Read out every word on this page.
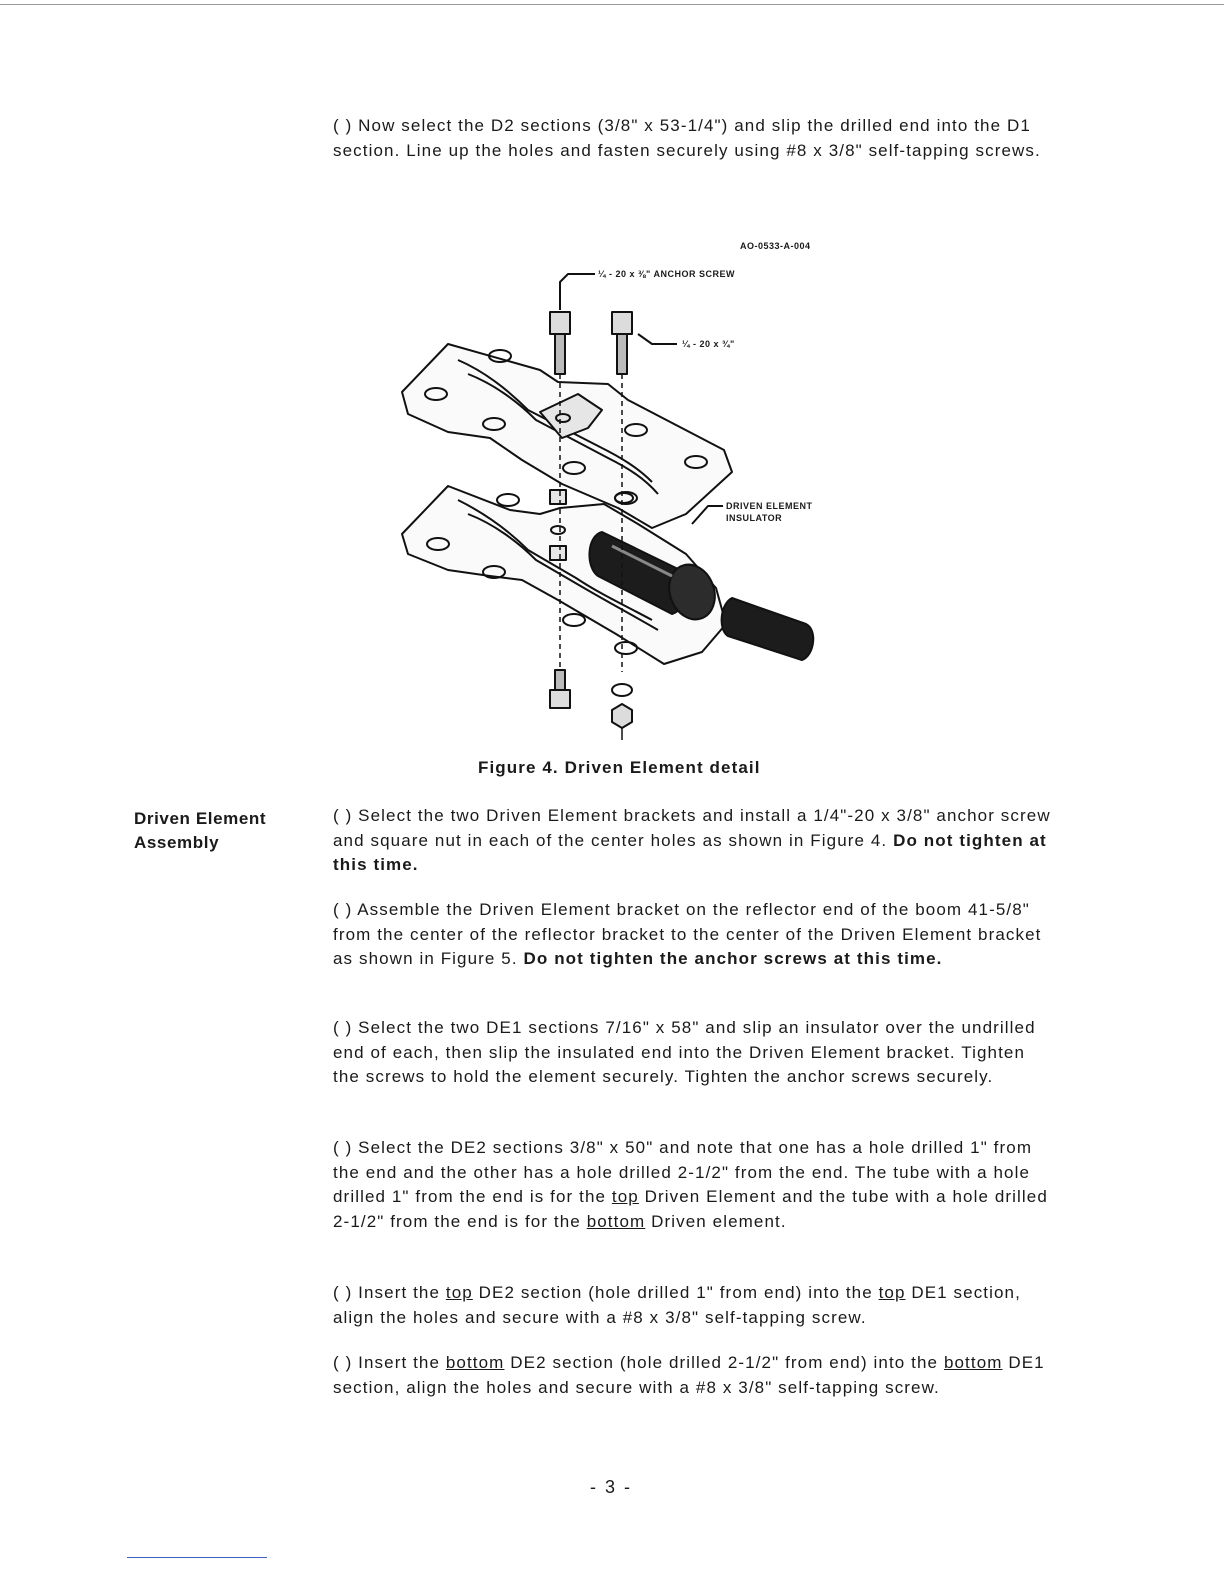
( ) Now select the D2 sections (3/8" x 53-1/4") and slip the drilled end into the D1 section. Line up the holes and fasten securely using #8 x 3/8" self-tapping screws.

AO-0533-A-004
¼ - 20 x ⅜" ANCHOR SCREW
¼ - 20 x ¾"
DRIVEN ELEMENT
INSULATOR
Figure 4. Driven Element detail
Driven Element Assembly

( ) Select the two Driven Element brackets and install a 1/4"-20 x 3/8" anchor screw and square nut in each of the center holes as shown in Figure 4. Do not tighten at this time.

( ) Assemble the Driven Element bracket on the reflector end of the boom 41-5/8" from the center of the reflector bracket to the center of the Driven Element bracket as shown in Figure 5. Do not tighten the anchor screws at this time.

( ) Select the two DE1 sections 7/16" x 58" and slip an insulator over the undrilled end of each, then slip the insulated end into the Driven Element bracket. Tighten the screws to hold the element securely. Tighten the anchor screws securely.

( ) Select the DE2 sections 3/8" x 50" and note that one has a hole drilled 1" from the end and the other has a hole drilled 2-1/2" from the end. The tube with a hole drilled 1" from the end is for the top Driven Element and the tube with a hole drilled 2-1/2" from the end is for the bottom Driven element.

( ) Insert the top DE2 section (hole drilled 1" from end) into the top DE1 section, align the holes and secure with a #8 x 3/8" self-tapping screw.

( ) Insert the bottom DE2 section (hole drilled 2-1/2" from end) into the bottom DE1 section, align the holes and secure with a #8 x 3/8" self-tapping screw.

- 3 -
